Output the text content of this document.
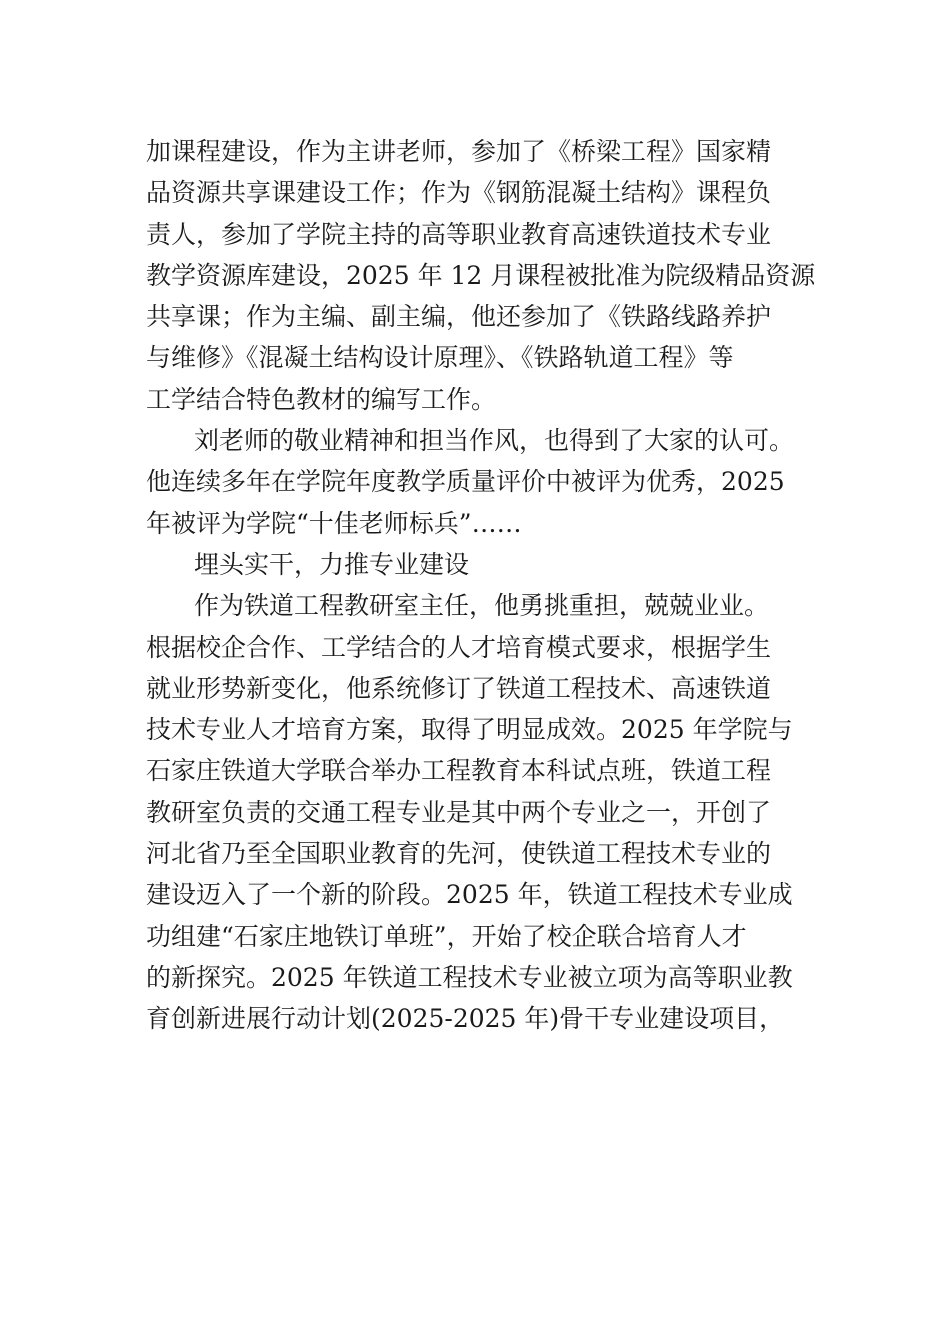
加课程建设，作为主讲老师，参加了《桥梁工程》国家精
品资源共享课建设工作；作为《钢筋混凝土结构》课程负
责人，参加了学院主持的高等职业教育高速铁道技术专业
教学资源库建设，2025 年 12 月课程被批准为院级精品资源
共享课；作为主编、副主编，他还参加了《铁路线路养护
与维修》《混凝土结构设计原理》、《铁路轨道工程》等
工学结合特色教材的编写工作。
刘老师的敬业精神和担当作风，也得到了大家的认可。
他连续多年在学院年度教学质量评价中被评为优秀，2025
年被评为学院“十佳老师标兵”……
埋头实干，力推专业建设
作为铁道工程教研室主任，他勇挑重担，兢兢业业。
根据校企合作、工学结合的人才培育模式要求，根据学生
就业形势新变化，他系统修订了铁道工程技术、高速铁道
技术专业人才培育方案，取得了明显成效。2025 年学院与
石家庄铁道大学联合举办工程教育本科试点班，铁道工程
教研室负责的交通工程专业是其中两个专业之一，开创了
河北省乃至全国职业教育的先河，使铁道工程技术专业的
建设迈入了一个新的阶段。2025 年，铁道工程技术专业成
功组建“石家庄地铁订单班”，开始了校企联合培育人才
的新探究。2025 年铁道工程技术专业被立项为高等职业教
育创新进展行动计划(2025-2025 年)骨干专业建设项目，
